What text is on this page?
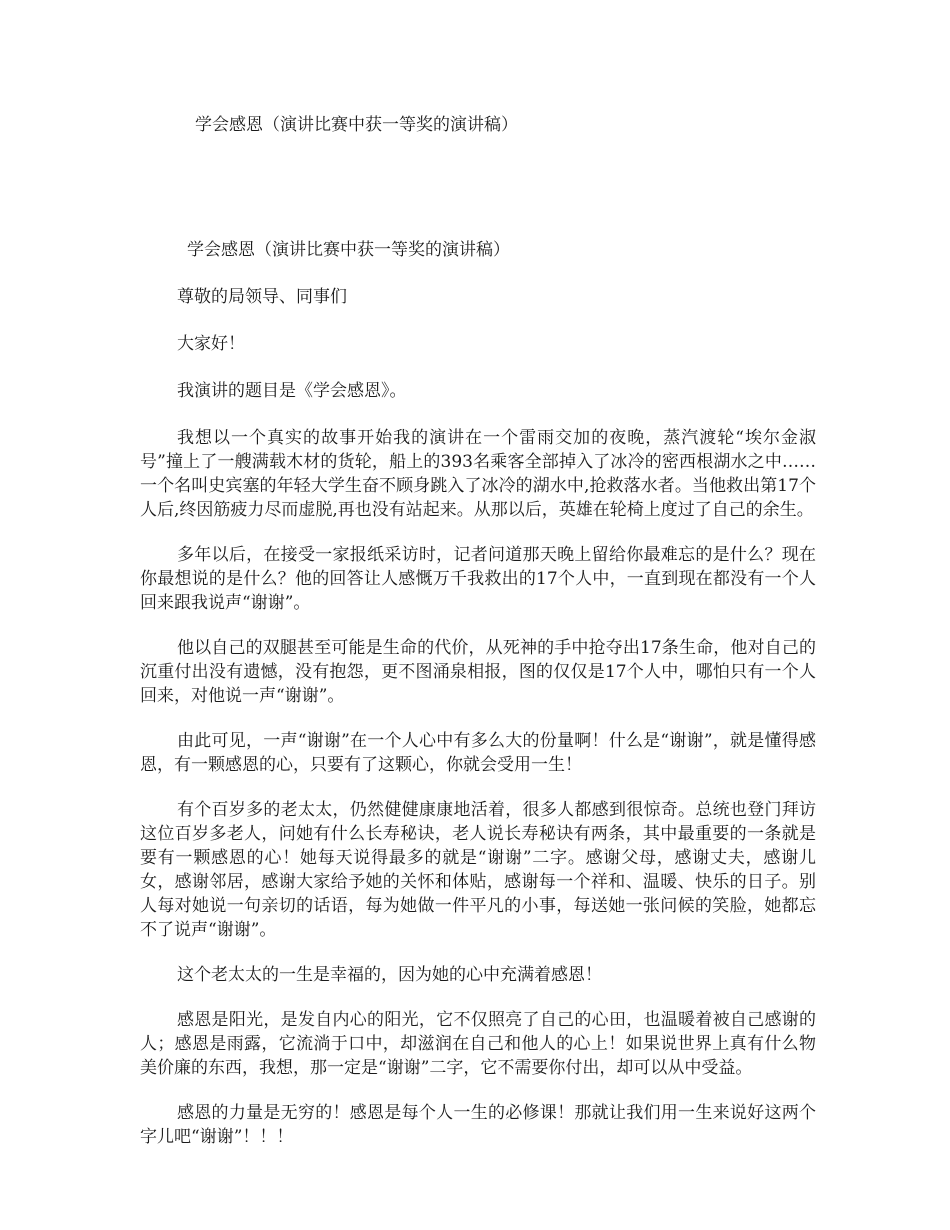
学会感恩（演讲比赛中获一等奖的演讲稿）

学会感恩（演讲比赛中获一等奖的演讲稿）

尊敬的局领导、同事们

大家好！

我演讲的题目是《学会感恩》。

我想以一个真实的故事开始我的演讲在一个雷雨交加的夜晚，蒸汽渡轮“埃尔金淑号”撞上了一艘满载木材的货轮，船上的393名乘客全部掉入了冰冷的密西根湖水之中……一个名叫史宾塞的年轻大学生奋不顾身跳入了冰冷的湖水中,抢救落水者。当他救出第17个人后,终因筋疲力尽而虚脱,再也没有站起来。从那以后，英雄在轮椅上度过了自己的余生。

多年以后，在接受一家报纸采访时，记者问道那天晚上留给你最难忘的是什么？现在你最想说的是什么？他的回答让人感慨万千我救出的17个人中，一直到现在都没有一个人回来跟我说声“谢谢”。

他以自己的双腿甚至可能是生命的代价，从死神的手中抢夺出17条生命，他对自己的沉重付出没有遗憾，没有抱怨，更不图涌泉相报，图的仅仅是17个人中，哪怕只有一个人回来，对他说一声“谢谢”。

由此可见，一声“谢谢”在一个人心中有多么大的份量啊！什么是“谢谢”，就是懂得感恩，有一颗感恩的心，只要有了这颗心，你就会受用一生！

有个百岁多的老太太，仍然健健康康地活着，很多人都感到很惊奇。总统也登门拜访这位百岁多老人，问她有什么长寿秘诀，老人说长寿秘诀有两条，其中最重要的一条就是要有一颗感恩的心！她每天说得最多的就是“谢谢”二字。感谢父母，感谢丈夫，感谢儿女，感谢邻居，感谢大家给予她的关怀和体贴，感谢每一个祥和、温暖、快乐的日子。别人每对她说一句亲切的话语，每为她做一件平凡的小事，每送她一张问候的笑脸，她都忘不了说声“谢谢”。

这个老太太的一生是幸福的，因为她的心中充满着感恩！

感恩是阳光，是发自内心的阳光，它不仅照亮了自己的心田，也温暖着被自己感谢的人；感恩是雨露，它流淌于口中，却滋润在自己和他人的心上！如果说世界上真有什么物美价廉的东西，我想，那一定是“谢谢”二字，它不需要你付出，却可以从中受益。

感恩的力量是无穷的！感恩是每个人一生的必修课！那就让我们用一生来说好这两个字儿吧“谢谢”！！！
